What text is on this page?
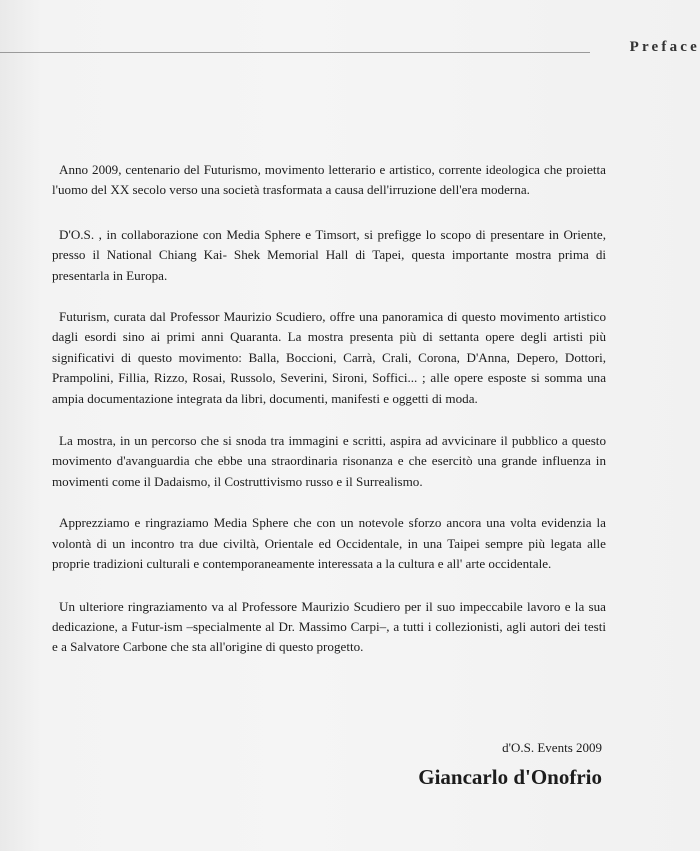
Preface

Anno 2009, centenario del Futurismo, movimento letterario e artistico, corrente ideologica che proietta l'uomo del XX secolo verso una società trasformata a causa dell'irruzione dell'era moderna.

D'O.S. , in collaborazione con Media Sphere e Timsort, si prefigge lo scopo di presentare in Oriente, presso il National Chiang Kai- Shek Memorial Hall di Tapei, questa importante mostra prima di presentarla in Europa.

Futurism, curata dal Professor Maurizio Scudiero, offre una panoramica di questo movimento artistico dagli esordi sino ai primi anni Quaranta. La mostra presenta più di settanta opere degli artisti più significativi di questo movimento: Balla, Boccioni, Carrà, Crali, Corona, D'Anna, Depero, Dottori, Prampolini, Fillia, Rizzo, Rosai, Russolo, Severini, Sironi, Soffici... ; alle opere esposte si somma una ampia documentazione integrata da libri, documenti, manifesti e oggetti di moda.

La mostra, in un percorso che si snoda tra immagini e scritti, aspira ad avvicinare il pubblico a questo movimento d'avanguardia che ebbe una straordinaria risonanza e che esercitò una grande influenza in movimenti come il Dadaismo, il Costruttivismo russo e il Surrealismo.

Apprezziamo e ringraziamo Media Sphere che con un notevole sforzo ancora una volta evidenzia la volontà di un incontro tra due civiltà, Orientale ed Occidentale, in una Taipei sempre più legata alle proprie tradizioni culturali e contemporaneamente interessata a la cultura e all' arte occidentale.

Un ulteriore ringraziamento va al Professore Maurizio Scudiero per il suo impeccabile lavoro e la sua dedicazione, a Futur-ism –specialmente al Dr. Massimo Carpi–, a tutti i collezionisti, agli autori dei testi e a Salvatore Carbone che sta all'origine di questo progetto.

d'O.S. Events 2009
Giancarlo d'Onofrio
